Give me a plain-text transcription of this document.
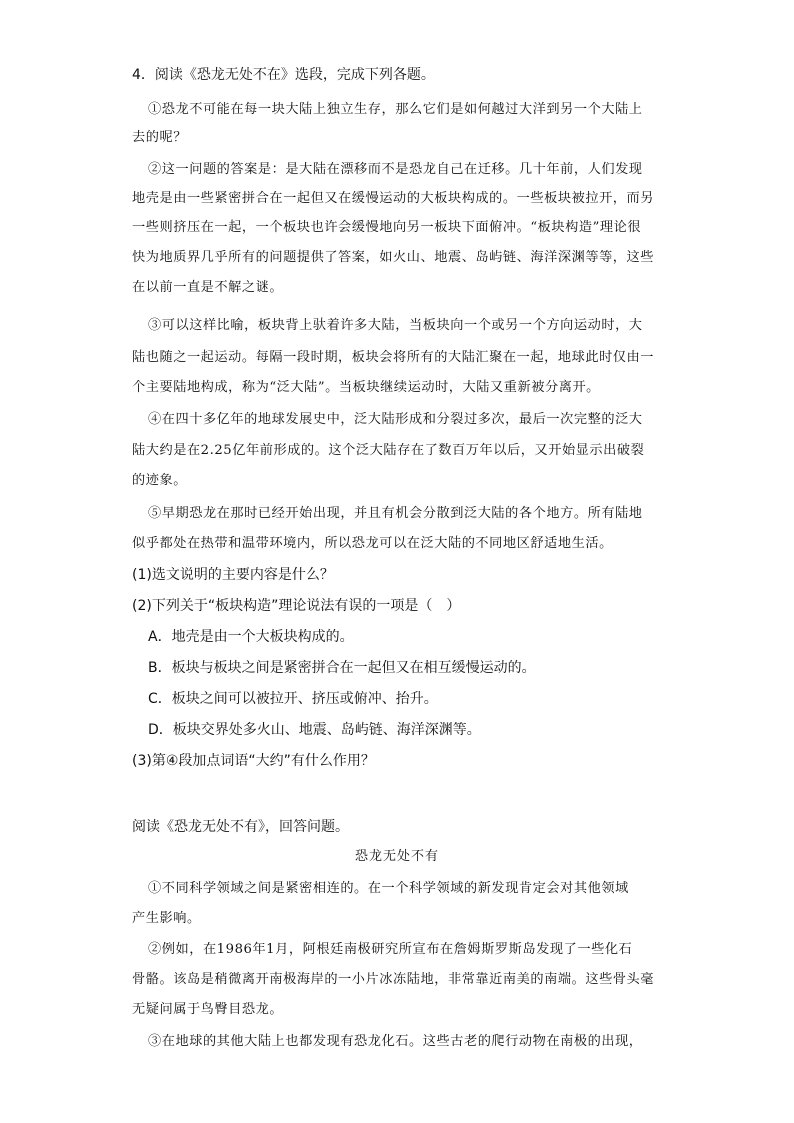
4．阅读《恐龙无处不在》选段，完成下列各题。
①恐龙不可能在每一块大陆上独立生存，那么它们是如何越过大洋到另一个大陆上
去的呢？
②这一问题的答案是：是大陆在漂移而不是恐龙自己在迁移。几十年前，人们发现
地壳是由一些紧密拼合在一起但又在缓慢运动的大板块构成的。一些板块被拉开，而另
一些则挤压在一起，一个板块也许会缓慢地向另一板块下面俯冲。“板块构造”理论很
快为地质界几乎所有的问题提供了答案，如火山、地震、岛屿链、海洋深渊等等，这些
在以前一直是不解之谜。
③可以这样比喻，板块背上驮着许多大陆，当板块向一个或另一个方向运动时，大
陆也随之一起运动。每隔一段时期，板块会将所有的大陆汇聚在一起，地球此时仅由一
个主要陆地构成，称为“泛大陆”。当板块继续运动时，大陆又重新被分离开。
④在四十多亿年的地球发展史中，泛大陆形成和分裂过多次，最后一次完整的泛大
陆大约是在2.25亿年前形成的。这个泛大陆存在了数百万年以后，又开始显示出破裂
的迹象。
⑤早期恐龙在那时已经开始出现，并且有机会分散到泛大陆的各个地方。所有陆地
似乎都处在热带和温带环境内，所以恐龙可以在泛大陆的不同地区舒适地生活。
(1)选文说明的主要内容是什么？
(2)下列关于“板块构造”理论说法有误的一项是（　）
A．地壳是由一个大板块构成的。
B．板块与板块之间是紧密拼合在一起但又在相互缓慢运动的。
C．板块之间可以被拉开、挤压或俯冲、抬升。
D．板块交界处多火山、地震、岛屿链、海洋深渊等。
(3)第④段加点词语“大约”有什么作用？
阅读《恐龙无处不有》，回答问题。
恐龙无处不有
①不同科学领域之间是紧密相连的。在一个科学领域的新发现肯定会对其他领域
产生影响。
②例如，在1986年1月，阿根廷南极研究所宣布在詹姆斯罗斯岛发现了一些化石
骨骼。该岛是稍微离开南极海岸的一小片冰冻陆地，非常靠近南美的南端。这些骨头毫
无疑问属于鸟臀目恐龙。
③在地球的其他大陆上也都发现有恐龙化石。这些古老的爬行动物在南极的出现，
